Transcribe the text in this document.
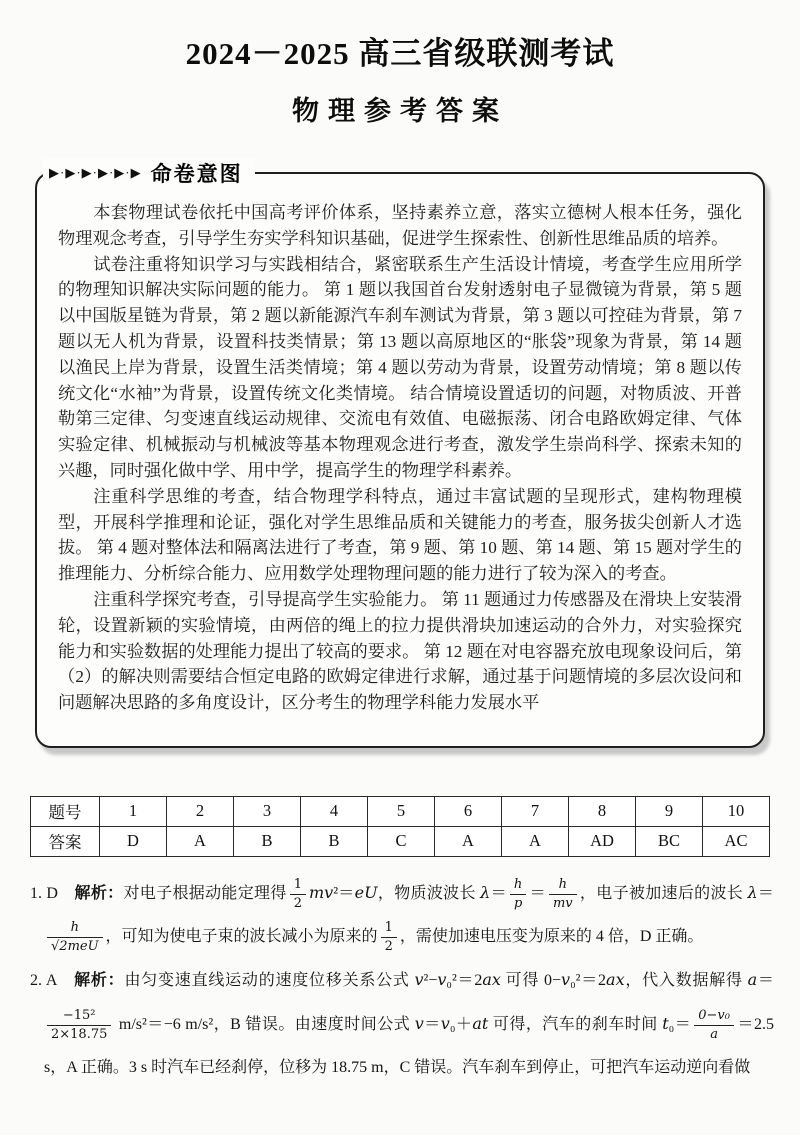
2024－2025 高三省级联测考试
物理参考答案
▶·▶·▶·▶·▶·▶ 命卷意图

本套物理试卷依托中国高考评价体系，坚持素养立意，落实立德树人根本任务，强化物理观念考查，引导学生夯实学科知识基础，促进学生探索性、创新性思维品质的培养。

试卷注重将知识学习与实践相结合，紧密联系生产生活设计情境，考查学生应用所学的物理知识解决实际问题的能力。 第 1 题以我国首台发射透射电子显微镜为背景，第 5 题以中国版星链为背景，第 2 题以新能源汽车刹车测试为背景，第 3 题以可控硅为背景，第 7 题以无人机为背景，设置科技类情景；第 13 题以高原地区的“胀袋”现象为背景，第 14 题以渔民上岸为背景，设置生活类情境；第 4 题以劳动为背景，设置劳动情境；第 8 题以传统文化“水袖”为背景，设置传统文化类情境。 结合情境设置适切的问题，对物质波、开普勒第三定律、匀变速直线运动规律、交流电有效值、电磁振荡、闭合电路欧姆定律、气体实验定律、机械振动与机械波等基本物理观念进行考查，激发学生崇尚科学、探索未知的兴趣，同时强化做中学、用中学，提高学生的物理学科素养。

注重科学思维的考查，结合物理学科特点，通过丰富试题的呈现形式，建构物理模型，开展科学推理和论证，强化对学生思维品质和关键能力的考查，服务拔尖创新人才选拔。 第 4 题对整体法和隔离法进行了考查，第 9 题、第 10 题、第 14 题、第 15 题对学生的推理能力、分析综合能力、应用数学处理物理问题的能力进行了较为深入的考查。

注重科学探究考查，引导提高学生实验能力。 第 11 题通过力传感器及在滑块上安装滑轮，设置新颖的实验情境，由两倍的绳上的拉力提供滑块加速运动的合外力，对实验探究能力和实验数据的处理能力提出了较高的要求。 第 12 题在对电容器充放电现象设问后，第（2）的解决则需要结合恒定电路的欧姆定律进行求解，通过基于问题情境的多层次设问和问题解决思路的多角度设计，区分考生的物理学科能力发展水平

题号	1	2	3	4	5	6	7	8	9	10
答案	D	A	B	B	C	A	A	AD	BC	AC
1. D　解析：对电子根据动能定理得 $\frac{1}{2} mv^2=eU$，物质波波长 $\lambda= \frac{h}{p} = \frac{h}{mv}$ ，电子被加速后的波长 λ＝
$\frac{h}{\text{√2meU}}$ ，可知为使电子束的波长减小为原来的 $\frac{1}{2}$ ，需使加速电压变为原来的 4 倍，D 正确。
2. A　解析：由匀变速直线运动的速度位移关系公式 v²−v₀²＝2ax 可得 0−v₀²＝2ax，代入数据解得 a＝
$\frac{\text{−15²}}{2\times 18.75} m/s^2=-6$ m/s²，B 错误。由速度时间公式 v＝v₀＋at 可得，汽车的刹车时间 $t_0= \frac{\text{0−v₀}}{a} =2.5$ s，A 正确。3 s 时汽车已经刹停，位移为 18.75 m，C 错误。汽车刹车到停止，可把汽车运动逆向看做
